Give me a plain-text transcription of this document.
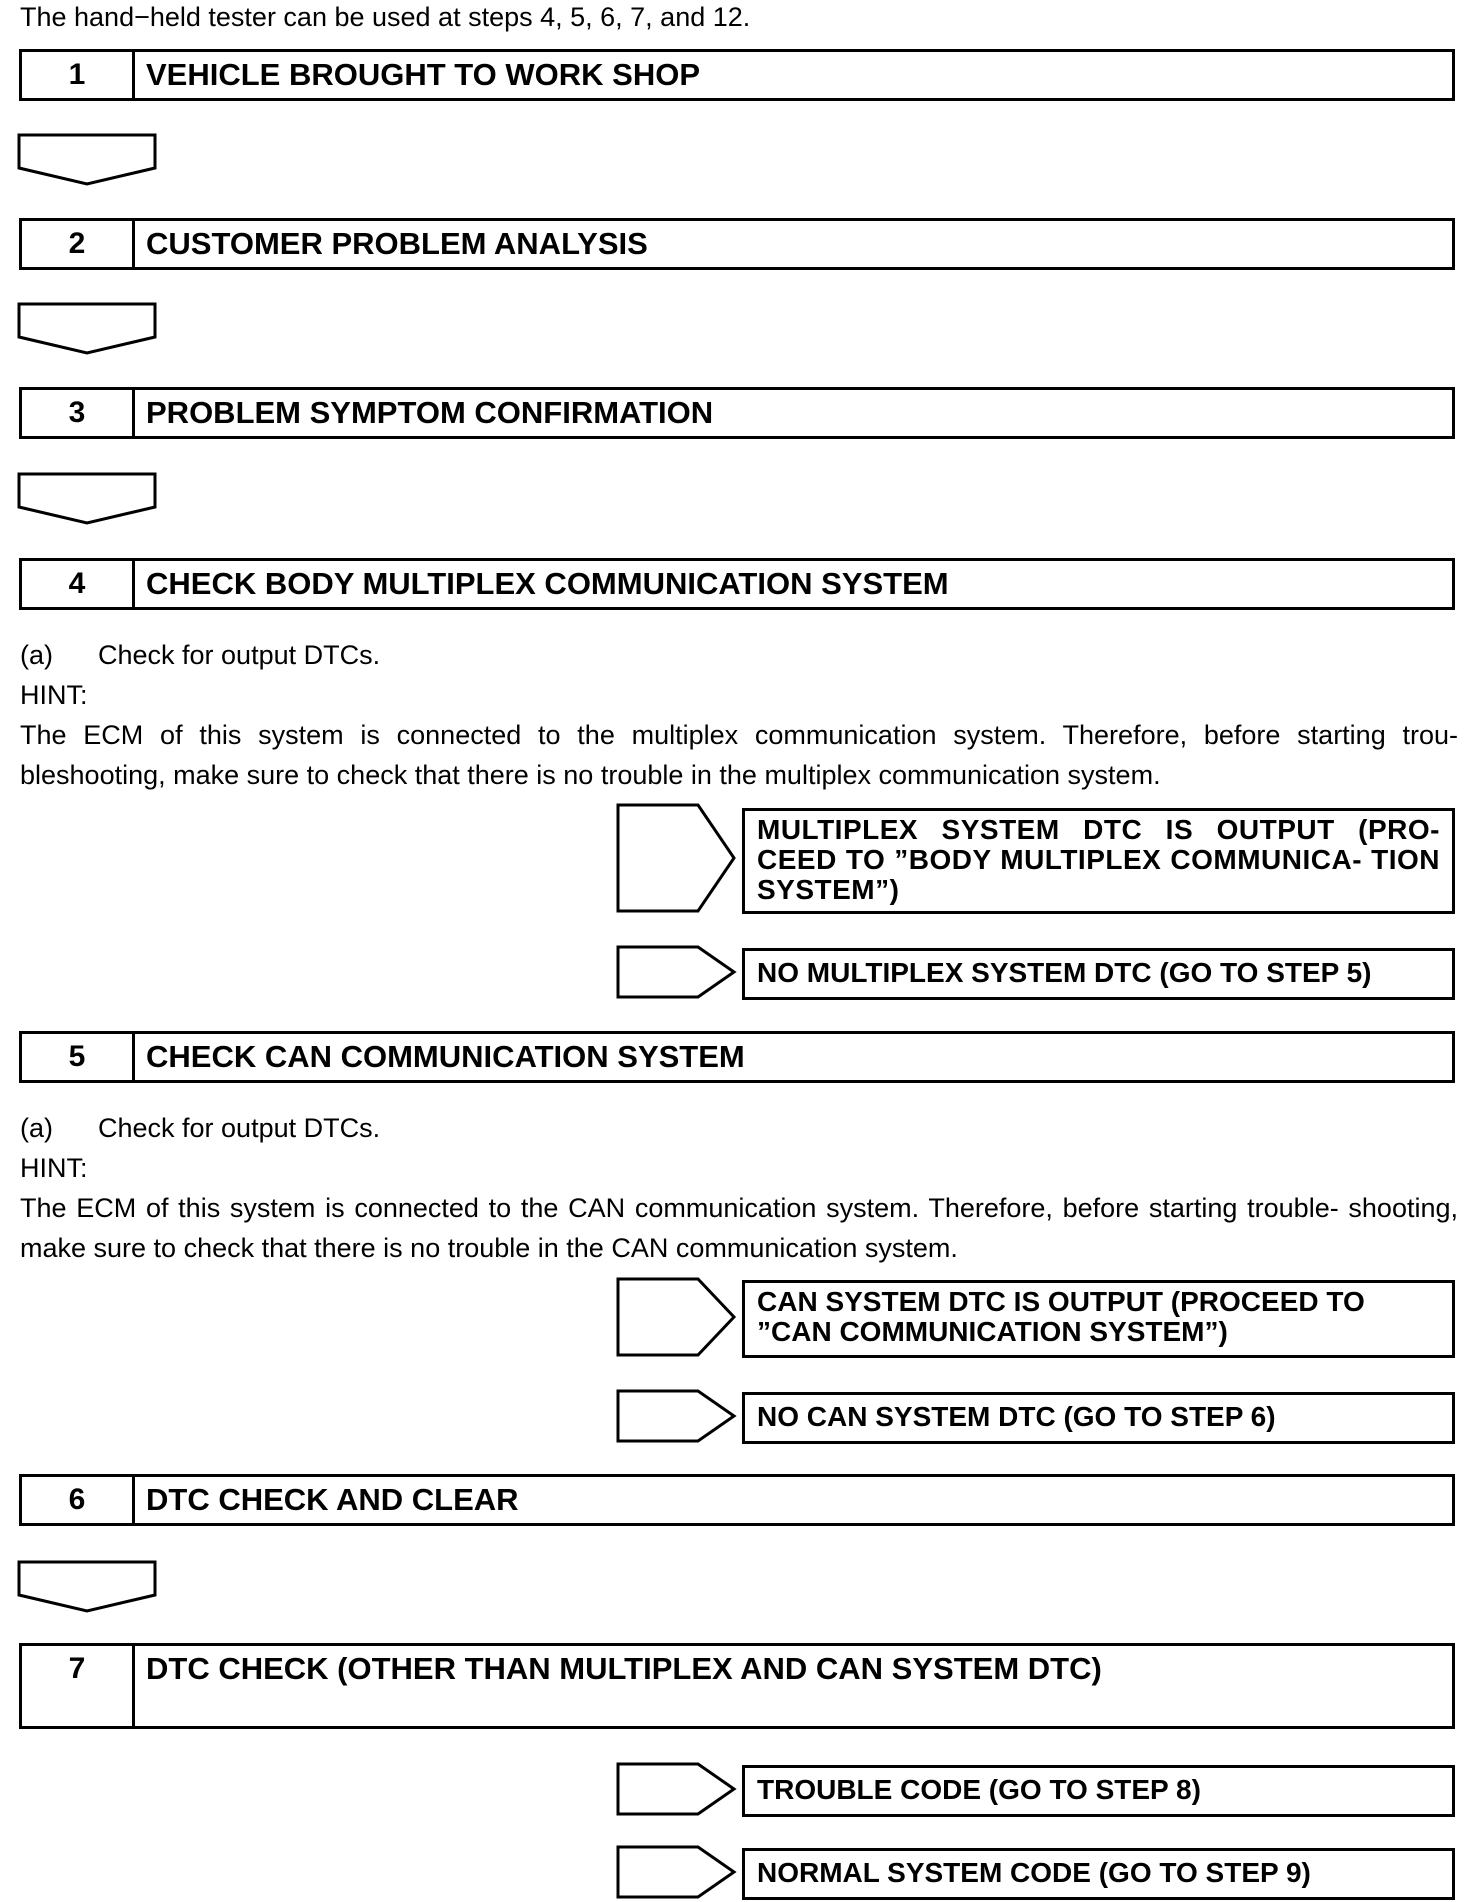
The hand−held tester can be used at steps 4, 5, 6, 7, and 12.
1	VEHICLE BROUGHT TO WORK SHOP
2	CUSTOMER PROBLEM ANALYSIS
3	PROBLEM SYMPTOM CONFIRMATION
4	CHECK BODY MULTIPLEX COMMUNICATION SYSTEM
(a) Check for output DTCs.
HINT:
The ECM of this system is connected to the multiplex communication system. Therefore, before starting trou- bleshooting, make sure to check that there is no trouble in the multiplex communication system.
MULTIPLEX SYSTEM DTC IS OUTPUT (PRO- CEED TO ”BODY MULTIPLEX COMMUNICA- TION SYSTEM”)
NO MULTIPLEX SYSTEM DTC (GO TO STEP 5)
5	CHECK CAN COMMUNICATION SYSTEM
(a) Check for output DTCs.
HINT:
The ECM of this system is connected to the CAN communication system. Therefore, before starting trouble- shooting, make sure to check that there is no trouble in the CAN communication system.
CAN SYSTEM DTC IS OUTPUT (PROCEED TO ”CAN COMMUNICATION SYSTEM”)
NO CAN SYSTEM DTC (GO TO STEP 6)
6	DTC CHECK AND CLEAR
7	DTC CHECK (OTHER THAN MULTIPLEX AND CAN SYSTEM DTC)
TROUBLE CODE (GO TO STEP 8)
NORMAL SYSTEM CODE (GO TO STEP 9)
